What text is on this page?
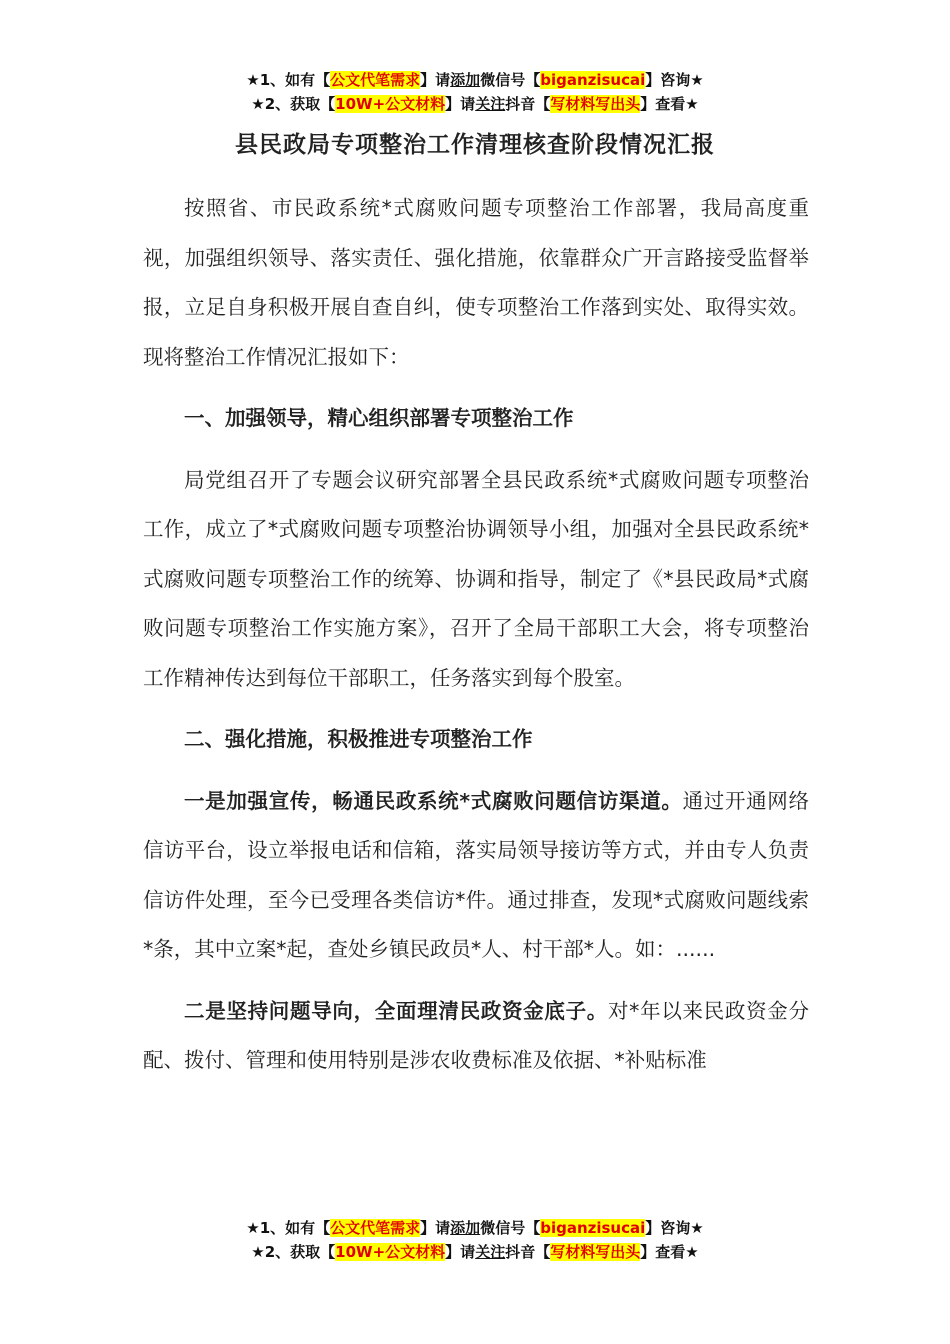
★1、如有【公文代笔需求】请添加微信号【biganzisucai】咨询★
★2、获取【10W+公文材料】请关注抖音【写材料写出头】查看★
县民政局专项整治工作清理核查阶段情况汇报

按照省、市民政系统*式腐败问题专项整治工作部署，我局高度重视，加强组织领导、落实责任、强化措施，依靠群众广开言路接受监督举报，立足自身积极开展自查自纠，使专项整治工作落到实处、取得实效。现将整治工作情况汇报如下：

一、加强领导，精心组织部署专项整治工作

局党组召开了专题会议研究部署全县民政系统*式腐败问题专项整治工作，成立了*式腐败问题专项整治协调领导小组，加强对全县民政系统*式腐败问题专项整治工作的统筹、协调和指导，制定了《*县民政局*式腐败问题专项整治工作实施方案》，召开了全局干部职工大会，将专项整治工作精神传达到每位干部职工，任务落实到每个股室。

二、强化措施，积极推进专项整治工作

一是加强宣传，畅通民政系统*式腐败问题信访渠道。通过开通网络信访平台，设立举报电话和信箱，落实局领导接访等方式，并由专人负责信访件处理，至今已受理各类信访*件。通过排查，发现*式腐败问题线索*条，其中立案*起，查处乡镇民政员*人、村干部*人。如：......

二是坚持问题导向，全面理清民政资金底子。对*年以来民政资金分配、拨付、管理和使用特别是涉农收费标准及依据、*补贴标准

★1、如有【公文代笔需求】请添加微信号【biganzisucai】咨询★
★2、获取【10W+公文材料】请关注抖音【写材料写出头】查看★
